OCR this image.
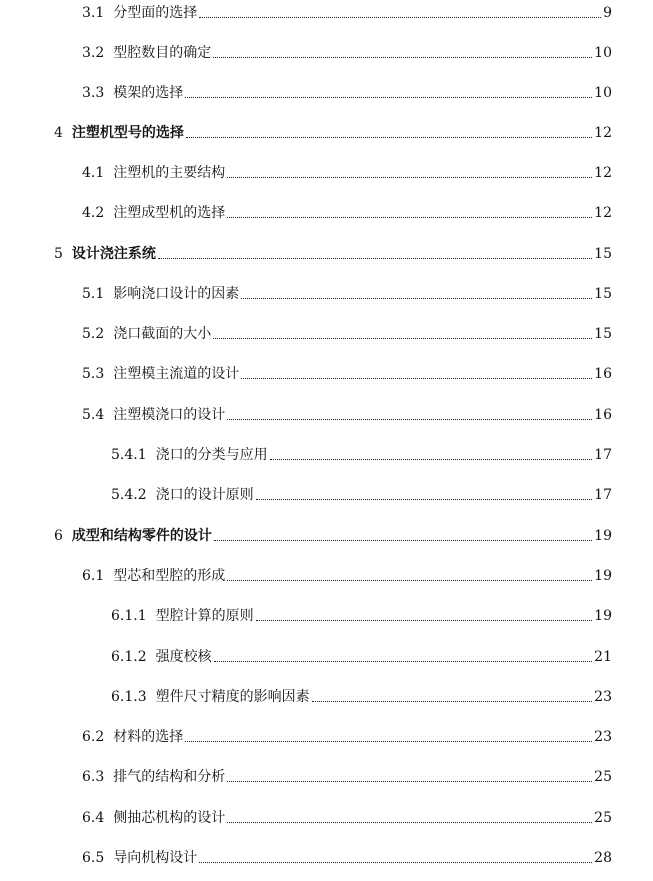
3.1 分型面的选择	9
3.2 型腔数目的确定	10
3.3 模架的选择	10
4 注塑机型号的选择	12
4.1 注塑机的主要结构	12
4.2 注塑成型机的选择	12
5 设计浇注系统	15
5.1 影响浇口设计的因素	15
5.2 浇口截面的大小	15
5.3 注塑模主流道的设计	16
5.4 注塑模浇口的设计	16
5.4.1 浇口的分类与应用	17
5.4.2 浇口的设计原则	17
6 成型和结构零件的设计	19
6.1 型芯和型腔的形成	19
6.1.1 型腔计算的原则	19
6.1.2 强度校核	21
6.1.3 塑件尺寸精度的影响因素	23
6.2 材料的选择	23
6.3 排气的结构和分析	25
6.4 侧抽芯机构的设计	25
6.5 导向机构设计	28
